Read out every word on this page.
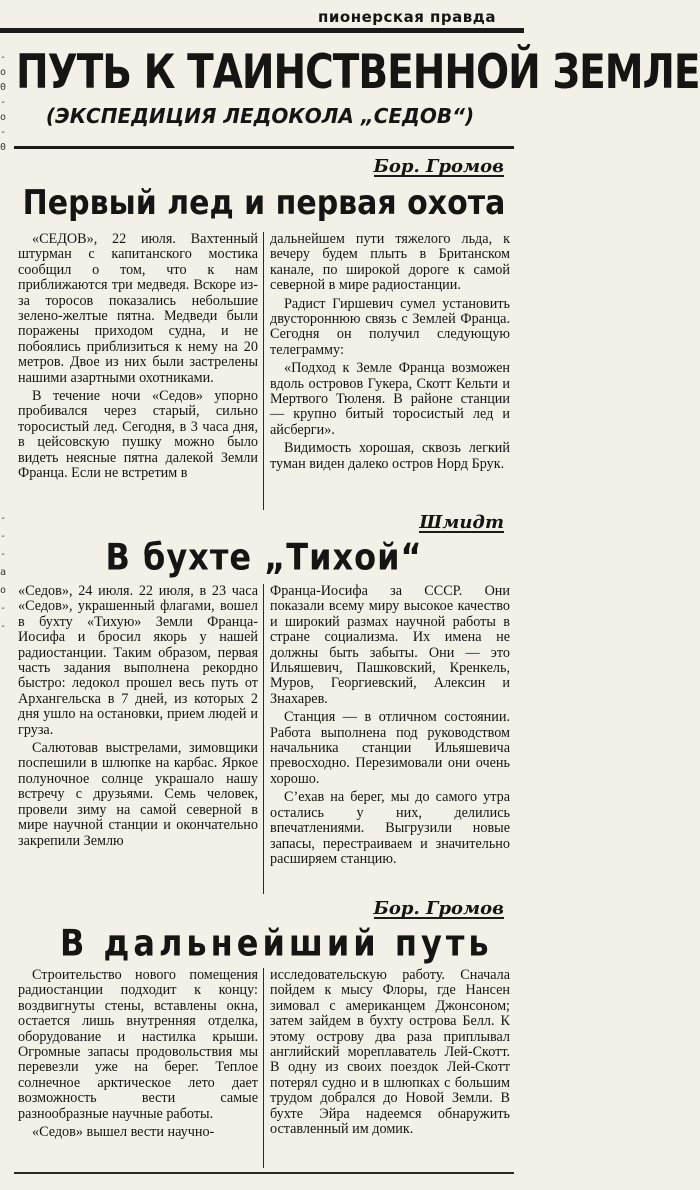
пионерская правда
-
о
0
-
о
-
0
-
-
-
а
о
-
-
ПУТЬ К ТАИНСТВЕННОЙ ЗЕМЛЕ
(ЭКСПЕДИЦИЯ ЛЕДОКОЛА „СЕДОВ“)
Бор. Громов
Первый лед и первая охота

«СЕДОВ», 22 июля. Вахтенный штурман с капитанского мостика сообщил о том, что к нам приближаются три медведя. Вскоре из-за торосов показались небольшие зелено-желтые пятна. Медведи были поражены приходом судна, и не побоялись приблизиться к нему на 20 метров. Двое из них были застрелены нашими азартными охотниками.

В течение ночи «Седов» упорно пробивался через старый, сильно торосистый лед. Сегодня, в 3 часа дня, в цейсовскую пушку можно было видеть неясные пятна далекой Земли Франца. Если не встретим в

дальнейшем пути тяжелого льда, к вечеру будем плыть в Британском канале, по широкой дороге к самой северной в мире радиостанции.

Радист Гиршевич сумел установить двустороннюю связь с Землей Франца. Сегодня он получил следующую телеграмму:

«Подход к Земле Франца возможен вдоль островов Гукера, Скотт Кельти и Мертвого Тюленя. В районе станции — крупно битый торосистый лед и айсберги».

Видимость хорошая, сквозь легкий туман виден далеко остров Норд Брук.

Шмидт
В бухте „Тихой“

«Седов», 24 июля. 22 июля, в 23 часа «Седов», украшенный флагами, вошел в бухту «Тихую» Земли Франца-Иосифа и бросил якорь у нашей радиостанции. Таким образом, первая часть задания выполнена рекордно быстро: ледокол прошел весь путь от Архангельска в 7 дней, из которых 2 дня ушло на остановки, прием людей и груза.

Салютовав выстрелами, зимовщики поспешили в шлюпке на карбас. Яркое полуночное солнце украшало нашу встречу с друзьями. Семь человек, провели зиму на самой северной в мире научной станции и окончательно закрепили Землю

Франца-Иосифа за СССР. Они показали всему миру высокое качество и широкий размах научной работы в стране социализма. Их имена не должны быть забыты. Они — это Ильяшевич, Пашковский, Кренкель, Муров, Георгиевский, Алексин и Знахарев.

Станция — в отличном состоянии. Работа выполнена под руководством начальника станции Ильяшевича превосходно. Перезимовали они очень хорошо.

С’ехав на берег, мы до самого утра остались у них, делились впечатлениями. Выгрузили новые запасы, перестраиваем и значительно расширяем станцию.

Бор. Громов
В дальнейший путь

Строительство нового помещения радиостанции подходит к концу: воздвигнуты стены, вставлены окна, остается лишь внутренняя отделка, оборудование и настилка крыши. Огромные запасы продовольствия мы перевезли уже на берег. Теплое солнечное арктическое лето дает возможность вести самые разнообразные научные работы.

«Седов» вышел вести научно-

исследовательскую работу. Сначала пойдем к мысу Флоры, где Нансен зимовал с американцем Джонсоном; затем зайдем в бухту острова Белл. К этому острову два раза приплывал английский мореплаватель Лей-Скотт. В одну из своих поездок Лей-Скотт потерял судно и в шлюпках с большим трудом добрался до Новой Земли. В бухте Эйра надеемся обнаружить оставленный им домик.
